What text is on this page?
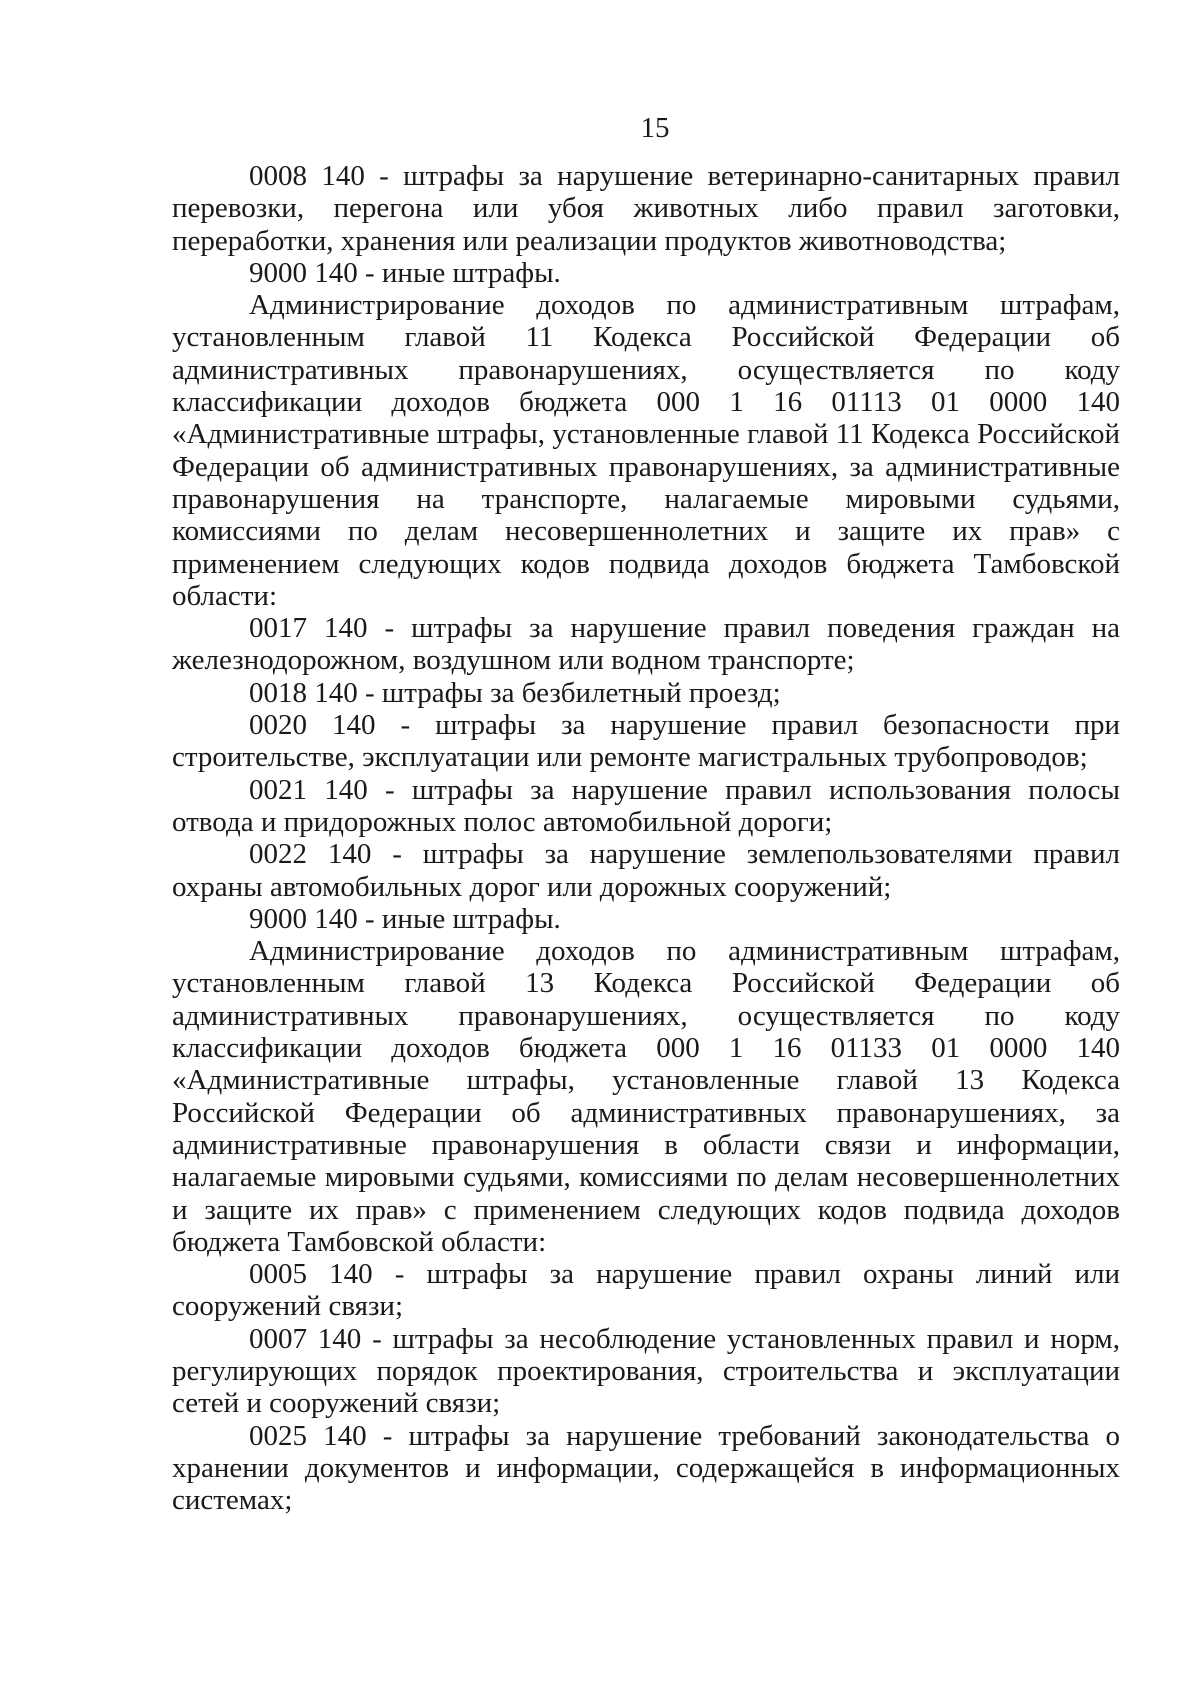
15

0008 140 - штрафы за нарушение ветеринарно-санитарных правил перевозки, перегона или убоя животных либо правил заготовки, переработки, хранения или реализации продуктов животноводства;

9000 140 - иные штрафы.

Администрирование доходов по административным штрафам, установленным главой 11 Кодекса Российской Федерации об административных правонарушениях, осуществляется по коду классификации доходов бюджета 000 1 16 01113 01 0000 140 «Административные штрафы, установленные главой 11 Кодекса Российской Федерации об административных правонарушениях, за административные правонарушения на транспорте, налагаемые мировыми судьями, комиссиями по делам несовершеннолетних и защите их прав» с применением следующих кодов подвида доходов бюджета Тамбовской области:

0017 140 - штрафы за нарушение правил поведения граждан на железнодорожном, воздушном или водном транспорте;

0018 140 - штрафы за безбилетный проезд;

0020 140 - штрафы за нарушение правил безопасности при строительстве, эксплуатации или ремонте магистральных трубопроводов;

0021 140 - штрафы за нарушение правил использования полосы отвода и придорожных полос автомобильной дороги;

0022 140 - штрафы за нарушение землепользователями правил охраны автомобильных дорог или дорожных сооружений;

9000 140 - иные штрафы.

Администрирование доходов по административным штрафам, установленным главой 13 Кодекса Российской Федерации об административных правонарушениях, осуществляется по коду классификации доходов бюджета 000 1 16 01133 01 0000 140 «Административные штрафы, установленные главой 13 Кодекса Российской Федерации об административных правонарушениях, за административные правонарушения в области связи и информации, налагаемые мировыми судьями, комиссиями по делам несовершеннолетних и защите их прав» с применением следующих кодов подвида доходов бюджета Тамбовской области:

0005 140 - штрафы за нарушение правил охраны линий или сооружений связи;

0007 140 - штрафы за несоблюдение установленных правил и норм, регулирующих порядок проектирования, строительства и эксплуатации сетей и сооружений связи;

0025 140 - штрафы за нарушение требований законодательства о хранении документов и информации, содержащейся в информационных системах;
